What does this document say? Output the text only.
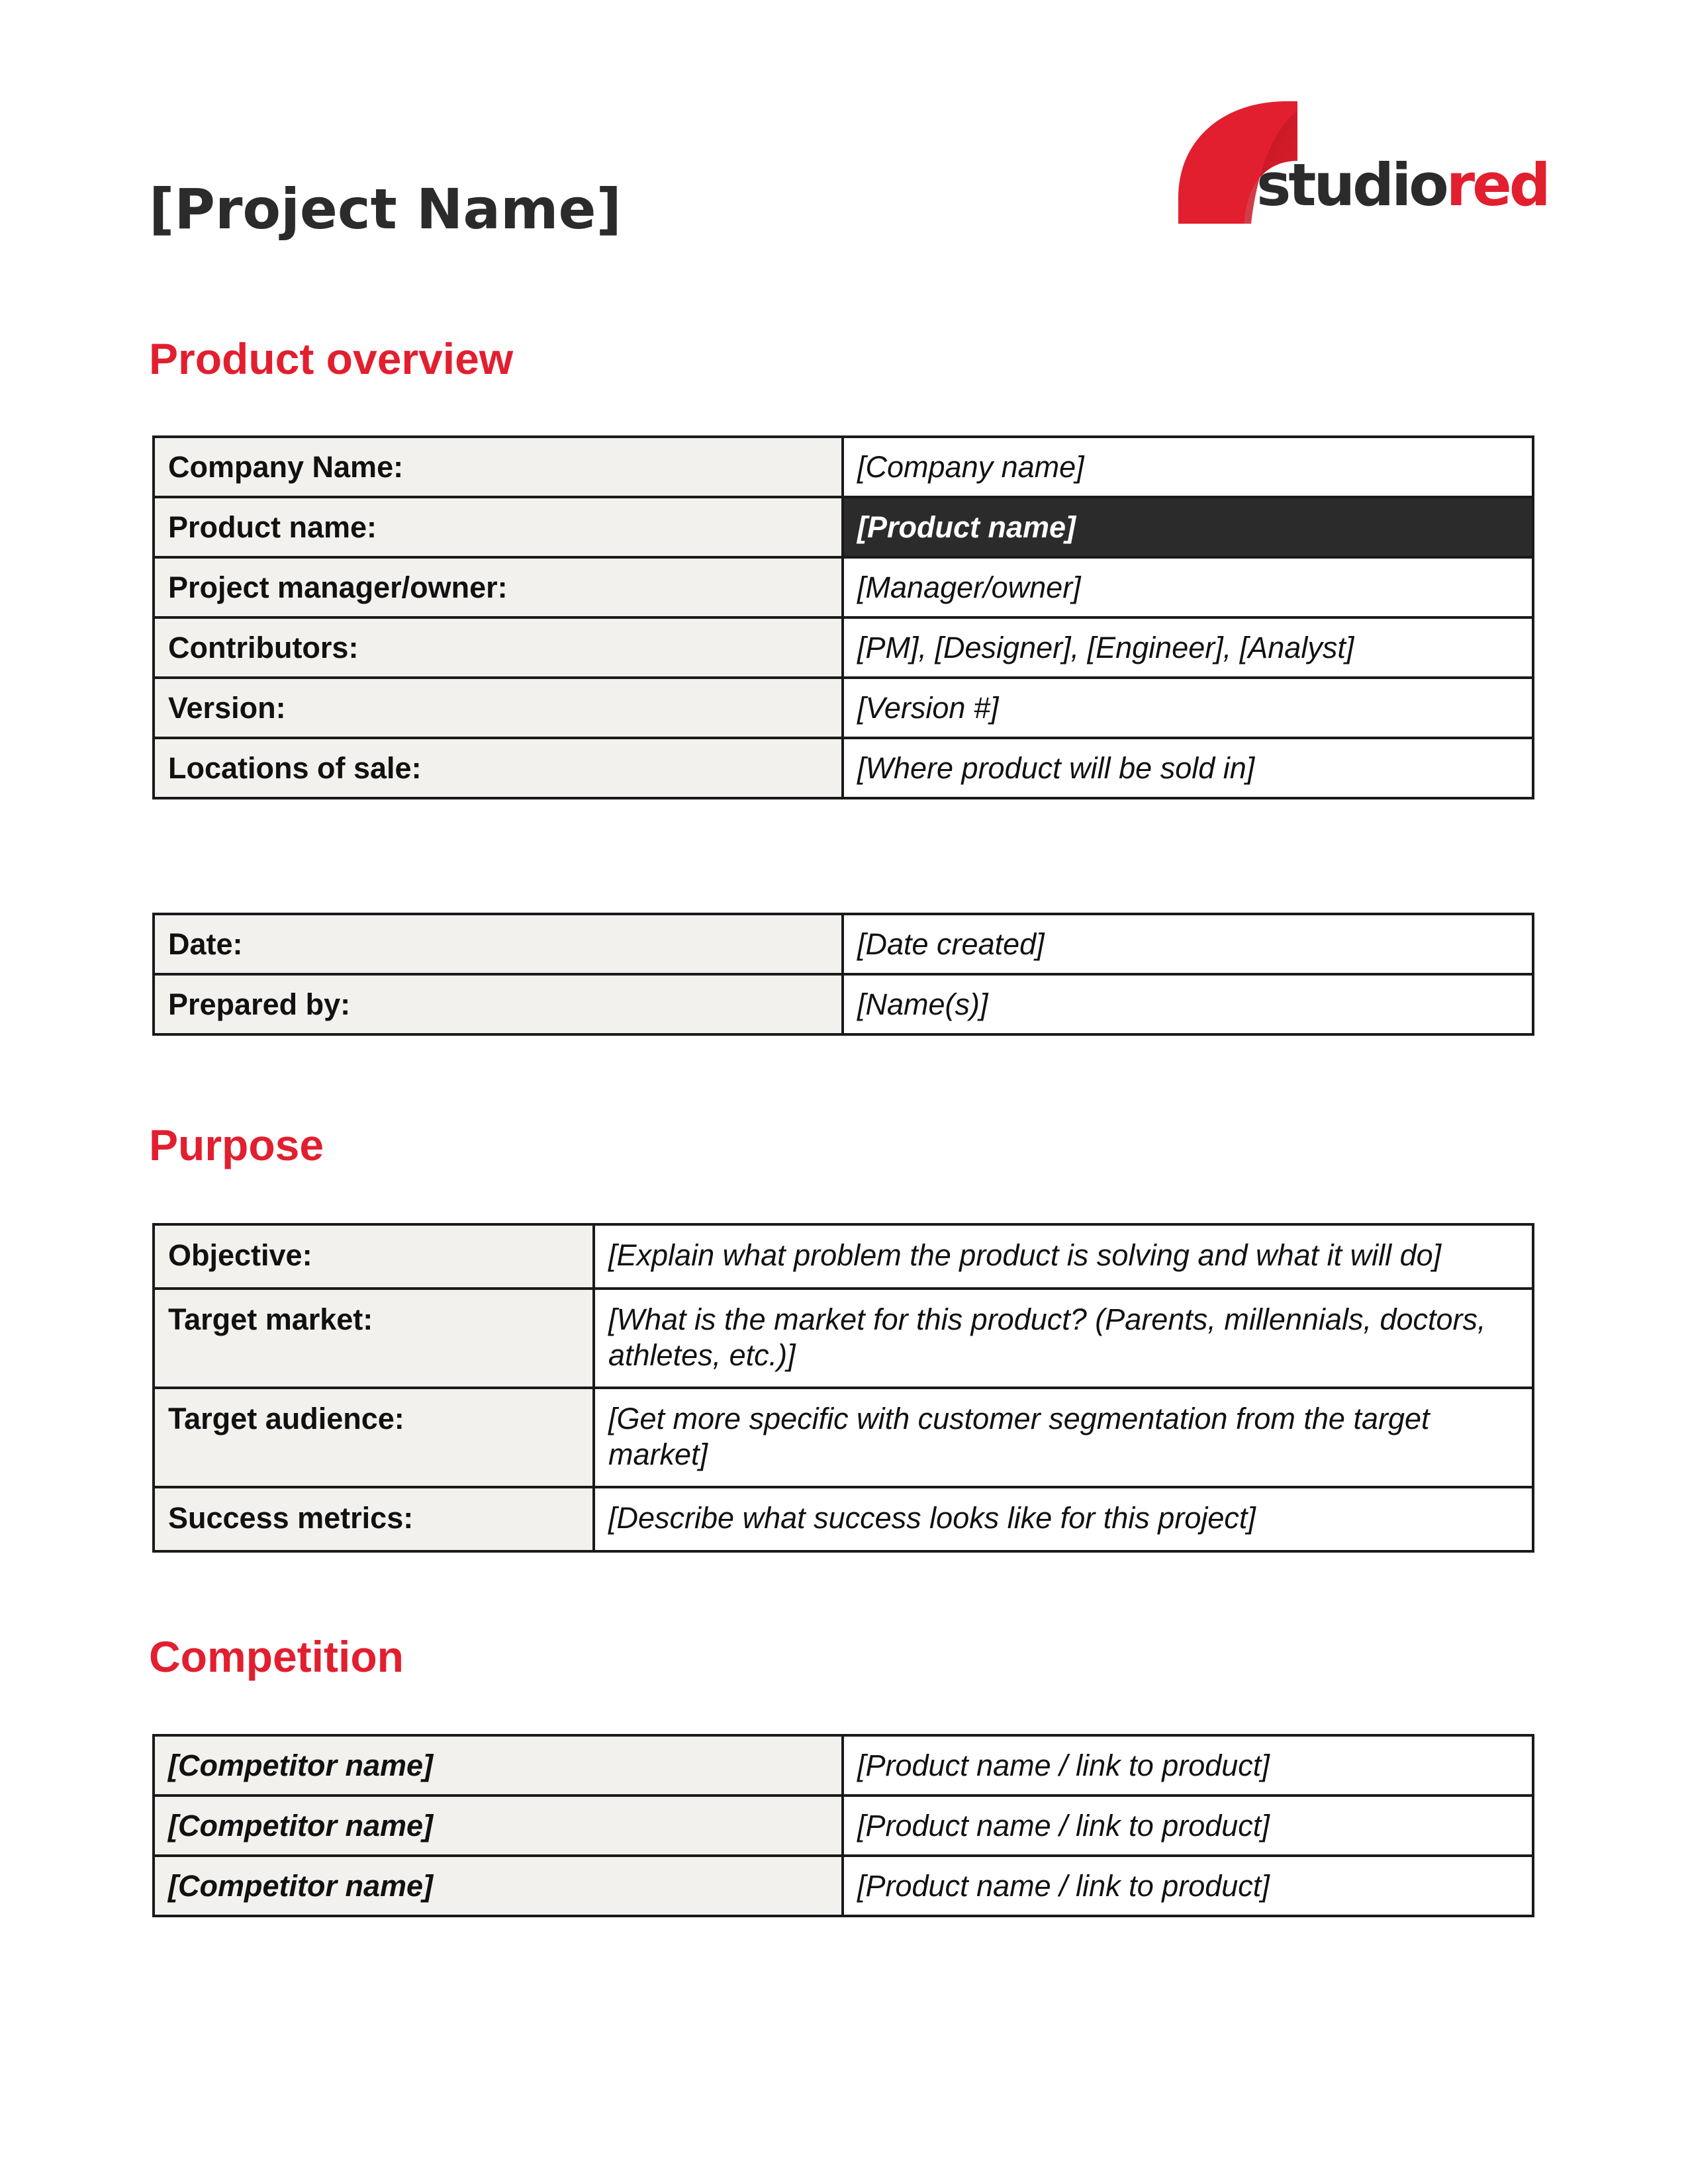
[Project Name]	studiored
Product overview
Company Name:	[Company name]
Product name:	[Product name]
Project manager/owner:	[Manager/owner]
Contributors:	[PM], [Designer], [Engineer], [Analyst]
Version:	[Version #]
Locations of sale:	[Where product will be sold in]
Date:	[Date created]
Prepared by:	[Name(s)]
Purpose
Objective:	[Explain what problem the product is solving and what it will do]
Target market:	[What is the market for this product? (Parents, millennials, doctors, athletes, etc.)]
Target audience:	[Get more specific with customer segmentation from the target market]
Success metrics:	[Describe what success looks like for this project]
Competition
[Competitor name]	[Product name / link to product]
[Competitor name]	[Product name / link to product]
[Competitor name]	[Product name / link to product]
